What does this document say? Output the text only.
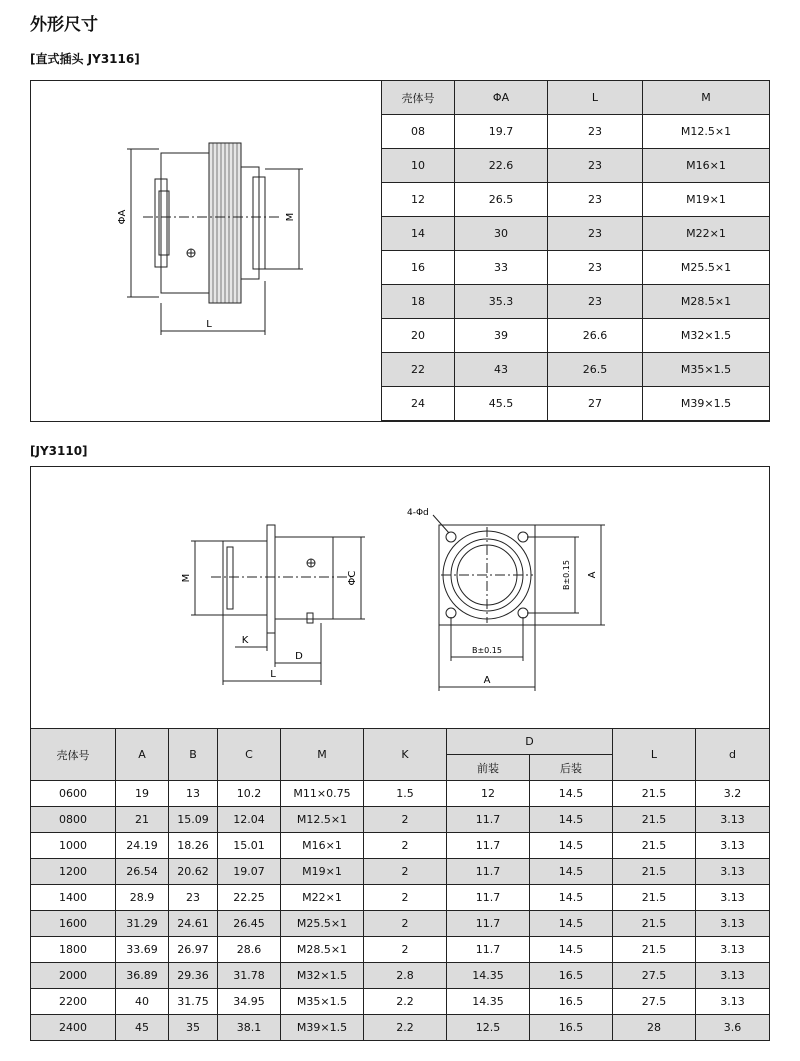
外形尺寸
[直式插头 JY3116]
ΦA	M
L
壳体号	ΦA	L	M
08	19.7	23	M12.5×1
10	22.6	23	M16×1
12	26.5	23	M19×1
14	30	23	M22×1
16	33	23	M25.5×1
18	35.3	23	M28.5×1
20	39	26.6	M32×1.5
22	43	26.5	M35×1.5
24	45.5	27	M39×1.5
[JY3110]
M	ΦC
K
D
L
4-Φd
B±0.15 A
B±0.15
A
壳体号	A	B	C	M	K	D		L	d
						前装	后装		
0600	19	13	10.2	M11×0.75	1.5	12	14.5	21.5	3.2
0800	21	15.09	12.04	M12.5×1	2	11.7	14.5	21.5	3.13
1000	24.19	18.26	15.01	M16×1	2	11.7	14.5	21.5	3.13
1200	26.54	20.62	19.07	M19×1	2	11.7	14.5	21.5	3.13
1400	28.9	23	22.25	M22×1	2	11.7	14.5	21.5	3.13
1600	31.29	24.61	26.45	M25.5×1	2	11.7	14.5	21.5	3.13
1800	33.69	26.97	28.6	M28.5×1	2	11.7	14.5	21.5	3.13
2000	36.89	29.36	31.78	M32×1.5	2.8	14.35	16.5	27.5	3.13
2200	40	31.75	34.95	M35×1.5	2.2	14.35	16.5	27.5	3.13
2400	45	35	38.1	M39×1.5	2.2	12.5	16.5	28	3.6
